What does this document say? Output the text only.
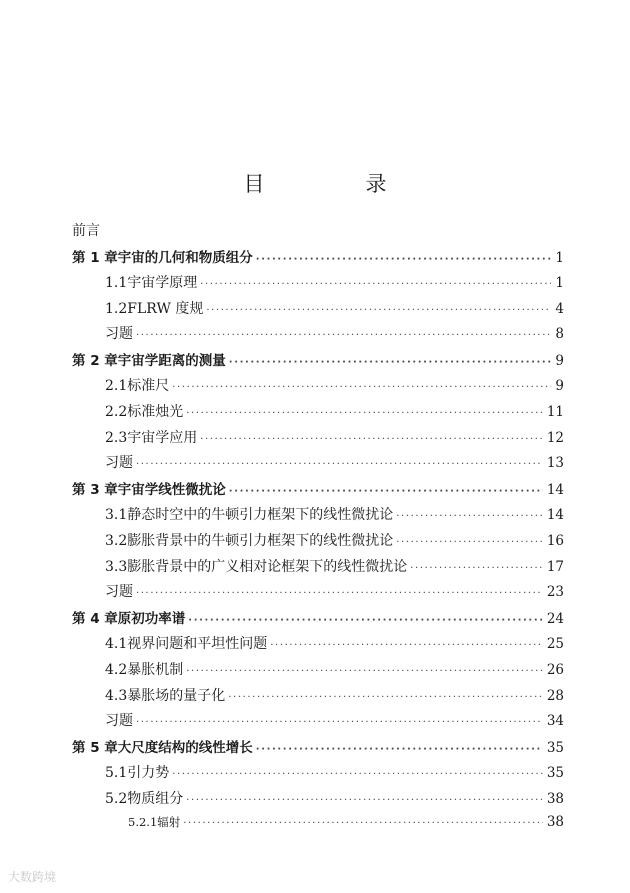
目　录
前言
第 1 章 宇宙的几何和物质组分 ·····	1
1.1 宇宙学原理 ·····	1
1.2 FLRW 度规 ·····	4
习题 ·····	8
第 2 章 宇宙学距离的测量 ·····	9
2.1 标准尺 ·····	9
2.2 标准烛光 ·····	11
2.3 宇宙学应用 ·····	12
习题 ·····	13
第 3 章 宇宙学线性微扰论 ·····	14
3.1 静态时空中的牛顿引力框架下的线性微扰论 ·····	14
3.2 膨胀背景中的牛顿引力框架下的线性微扰论 ·····	16
3.3 膨胀背景中的广义相对论框架下的线性微扰论 ·····	17
习题 ·····	23
第 4 章 原初功率谱 ·····	24
4.1 视界问题和平坦性问题 ·····	25
4.2 暴胀机制 ·····	26
4.3 暴胀场的量子化 ·····	28
习题 ·····	34
第 5 章 大尺度结构的线性增长 ·····	35
5.1 引力势 ·····	35
5.2 物质组分 ·····	38
5.2.1 辐射 ·····	38
大数跨境
